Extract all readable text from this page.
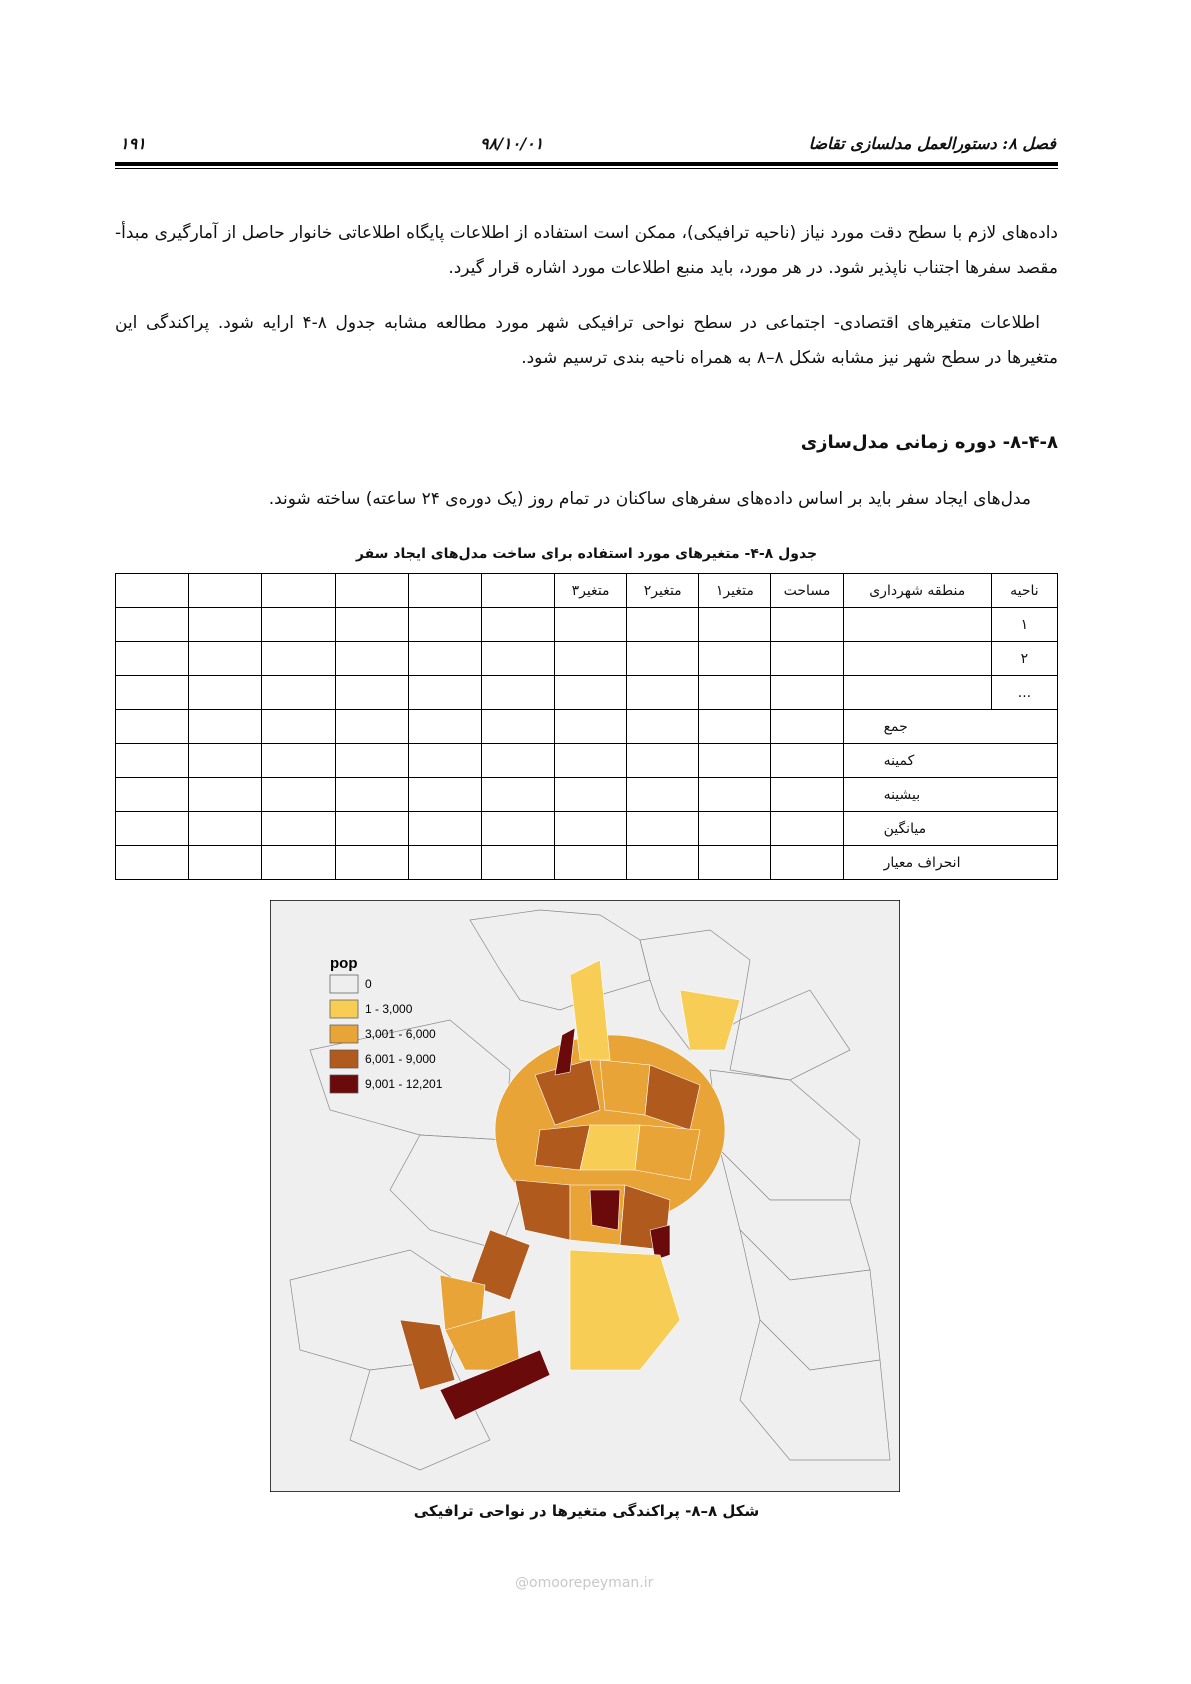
فصل ۸: دستورالعمل مدلسازی تقاضا
۹۸/۱۰/۰۱
۱۹۱
داده‌های لازم با سطح دقت مورد نیاز (ناحیه ترافیکی)، ممکن است استفاده از اطلاعات پایگاه اطلاعاتی خانوار حاصل از آمارگیری مبدأ- مقصد سفرها اجتناب ناپذیر شود. در هر مورد، باید منبع اطلاعات مورد اشاره قرار گیرد.
اطلاعات متغیرهای اقتصادی- اجتماعی در سطح نواحی ترافیکی شهر مورد مطالعه مشابه جدول ۸-۴ ارایه شود. پراکندگی این متغیرها در سطح شهر نیز مشابه شکل ۸–۸ به همراه ناحیه بندی ترسیم شود.
۸-۴-۸- دوره زمانی مدل‌سازی
مدل‌های ایجاد سفر باید بر اساس داده‌های سفرهای ساکنان در تمام روز (یک دوره‌ی ۲۴ ساعته) ساخته شوند.
جدول ۸-۴- متغیرهای مورد استفاده برای ساخت مدل‌های ایجاد سفر
ناحیه	منطقه شهرداری	مساحت	متغیر۱	متغیر۲	متغیر۳						
۱											
۲											
...											
جمع											
کمینه											
بیشینه											
میانگین											
انحراف معیار											
pop
0
1 - 3,000
3,001 - 6,000
6,001 - 9,000
9,001 - 12,201
شکل ۸–۸- پراکندگی متغیرها در نواحی ترافیکی
@omoorepeyman.ir
